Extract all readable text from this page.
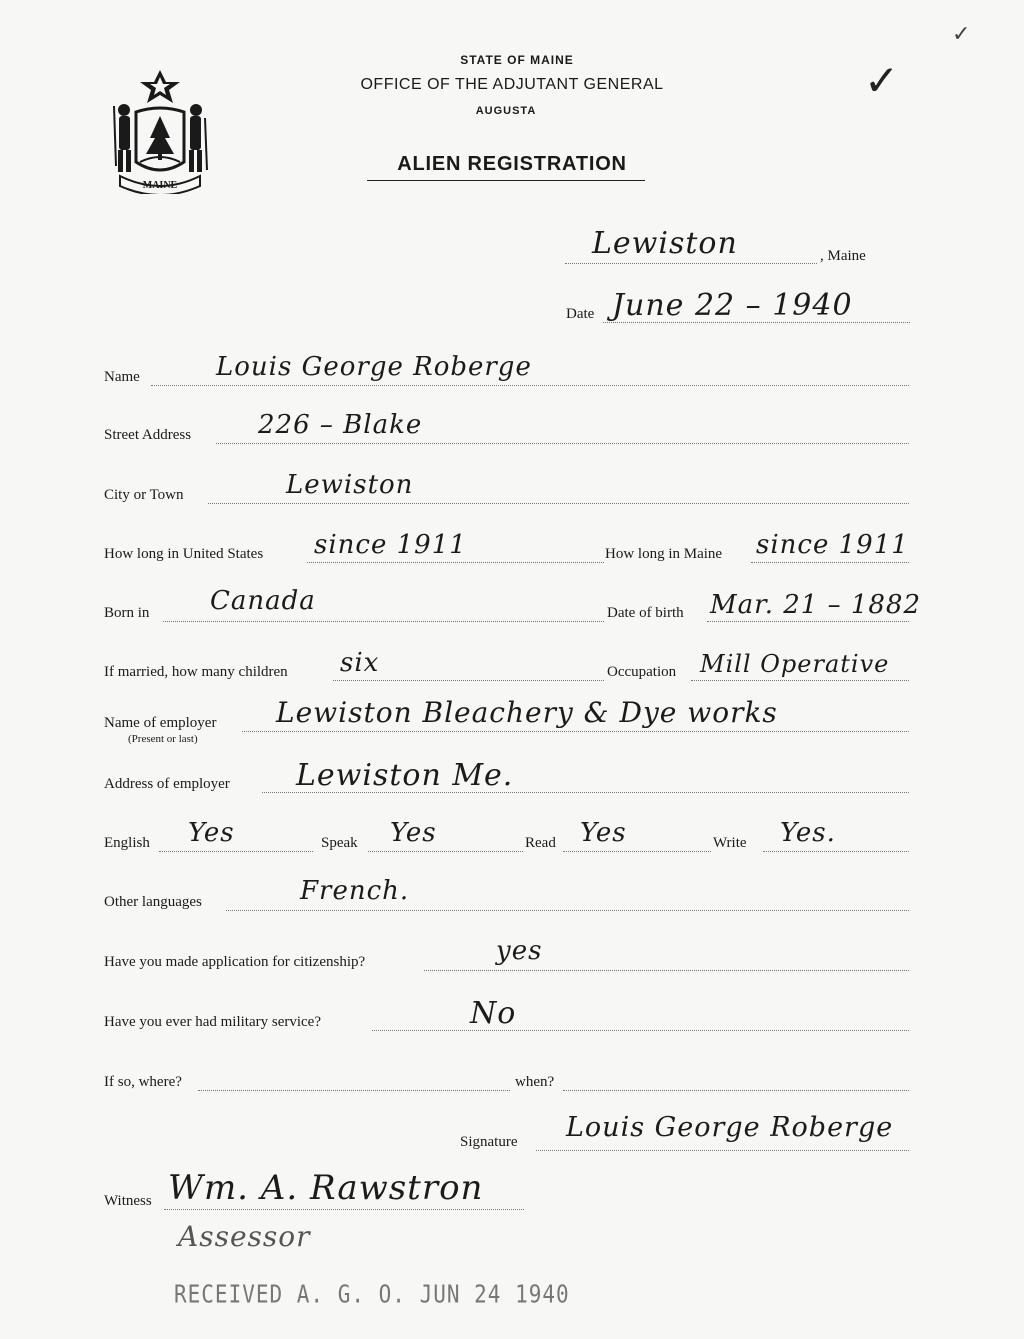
MAINE
STATE OF MAINE
OFFICE OF THE ADJUTANT GENERAL
AUGUSTA
ALIEN REGISTRATION
✓
✓
Lewiston	, Maine
Date June 22 – 1940
Name	Louis George Roberge
Street Address	226 – Blake
City or Town	Lewiston
How long in United States since 1911	How long in Maine since 1911
Born in Canada	Date of birth Mar. 21 – 1882
If married, how many children six	Occupation Mill Operative
Name of employer
(Present or last)
Lewiston Bleachery & Dye works
Address of employer Lewiston Me.
English Yes	Speak Yes	Read Yes	Write Yes.
Other languages	French.
Have you made application for citizenship?	yes
Have you ever had military service?	No
If so, where?	when?
Signature Louis George Roberge
Witness Wm. A. Rawstron
Assessor
RECEIVED A. G. O. JUN 24 1940
